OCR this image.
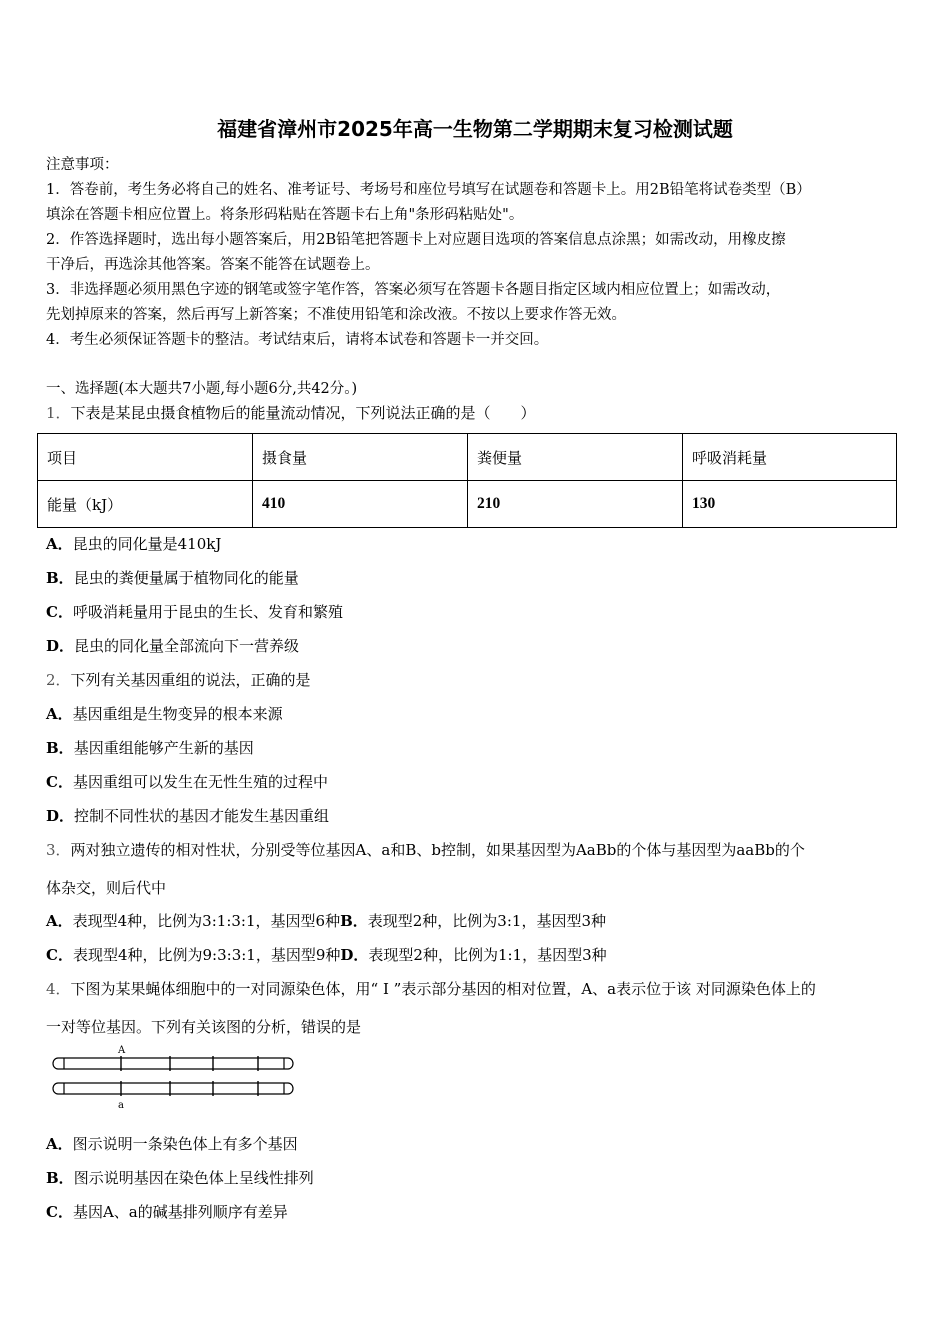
福建省漳州市2025年高一生物第二学期期末复习检测试题
注意事项：
1．答卷前，考生务必将自己的姓名、准考证号、考场号和座位号填写在试题卷和答题卡上。用2B铅笔将试卷类型（B）
填涂在答题卡相应位置上。将条形码粘贴在答题卡右上角"条形码粘贴处"。
2．作答选择题时，选出每小题答案后，用2B铅笔把答题卡上对应题目选项的答案信息点涂黑；如需改动，用橡皮擦
干净后，再选涂其他答案。答案不能答在试题卷上。
3．非选择题必须用黑色字迹的钢笔或签字笔作答，答案必须写在答题卡各题目指定区域内相应位置上；如需改动，
先划掉原来的答案，然后再写上新答案；不准使用铅笔和涂改液。不按以上要求作答无效。
4．考生必须保证答题卡的整洁。考试结束后，请将本试卷和答题卡一并交回。
一、选择题(本大题共7小题,每小题6分,共42分。)
1．下表是某昆虫摄食植物后的能量流动情况，下列说法正确的是（　　）
项目	摄食量	粪便量	呼吸消耗量
能量（kJ）	410	210	130
A．昆虫的同化量是410kJ
B．昆虫的粪便量属于植物同化的能量
C．呼吸消耗量用于昆虫的生长、发育和繁殖
D．昆虫的同化量全部流向下一营养级
2．下列有关基因重组的说法，正确的是
A．基因重组是生物变异的根本来源
B．基因重组能够产生新的基因
C．基因重组可以发生在无性生殖的过程中
D．控制不同性状的基因才能发生基因重组
3．两对独立遗传的相对性状，分别受等位基因A、a和B、b控制，如果基因型为AaBb的个体与基因型为aaBb的个
体杂交，则后代中
A．表现型4种，比例为3:1:3:1，基因型6种B．表现型2种，比例为3:1，基因型3种
C．表现型4种，比例为9:3:3:1，基因型9种D．表现型2种，比例为1:1，基因型3种
4．下图为某果蝇体细胞中的一对同源染色体，用“ I ”表示部分基因的相对位置，A、a表示位于该 对同源染色体上的
一对等位基因。下列有关该图的分析，错误的是
A
a
A．图示说明一条染色体上有多个基因
B．图示说明基因在染色体上呈线性排列
C．基因A、a的碱基排列顺序有差异
